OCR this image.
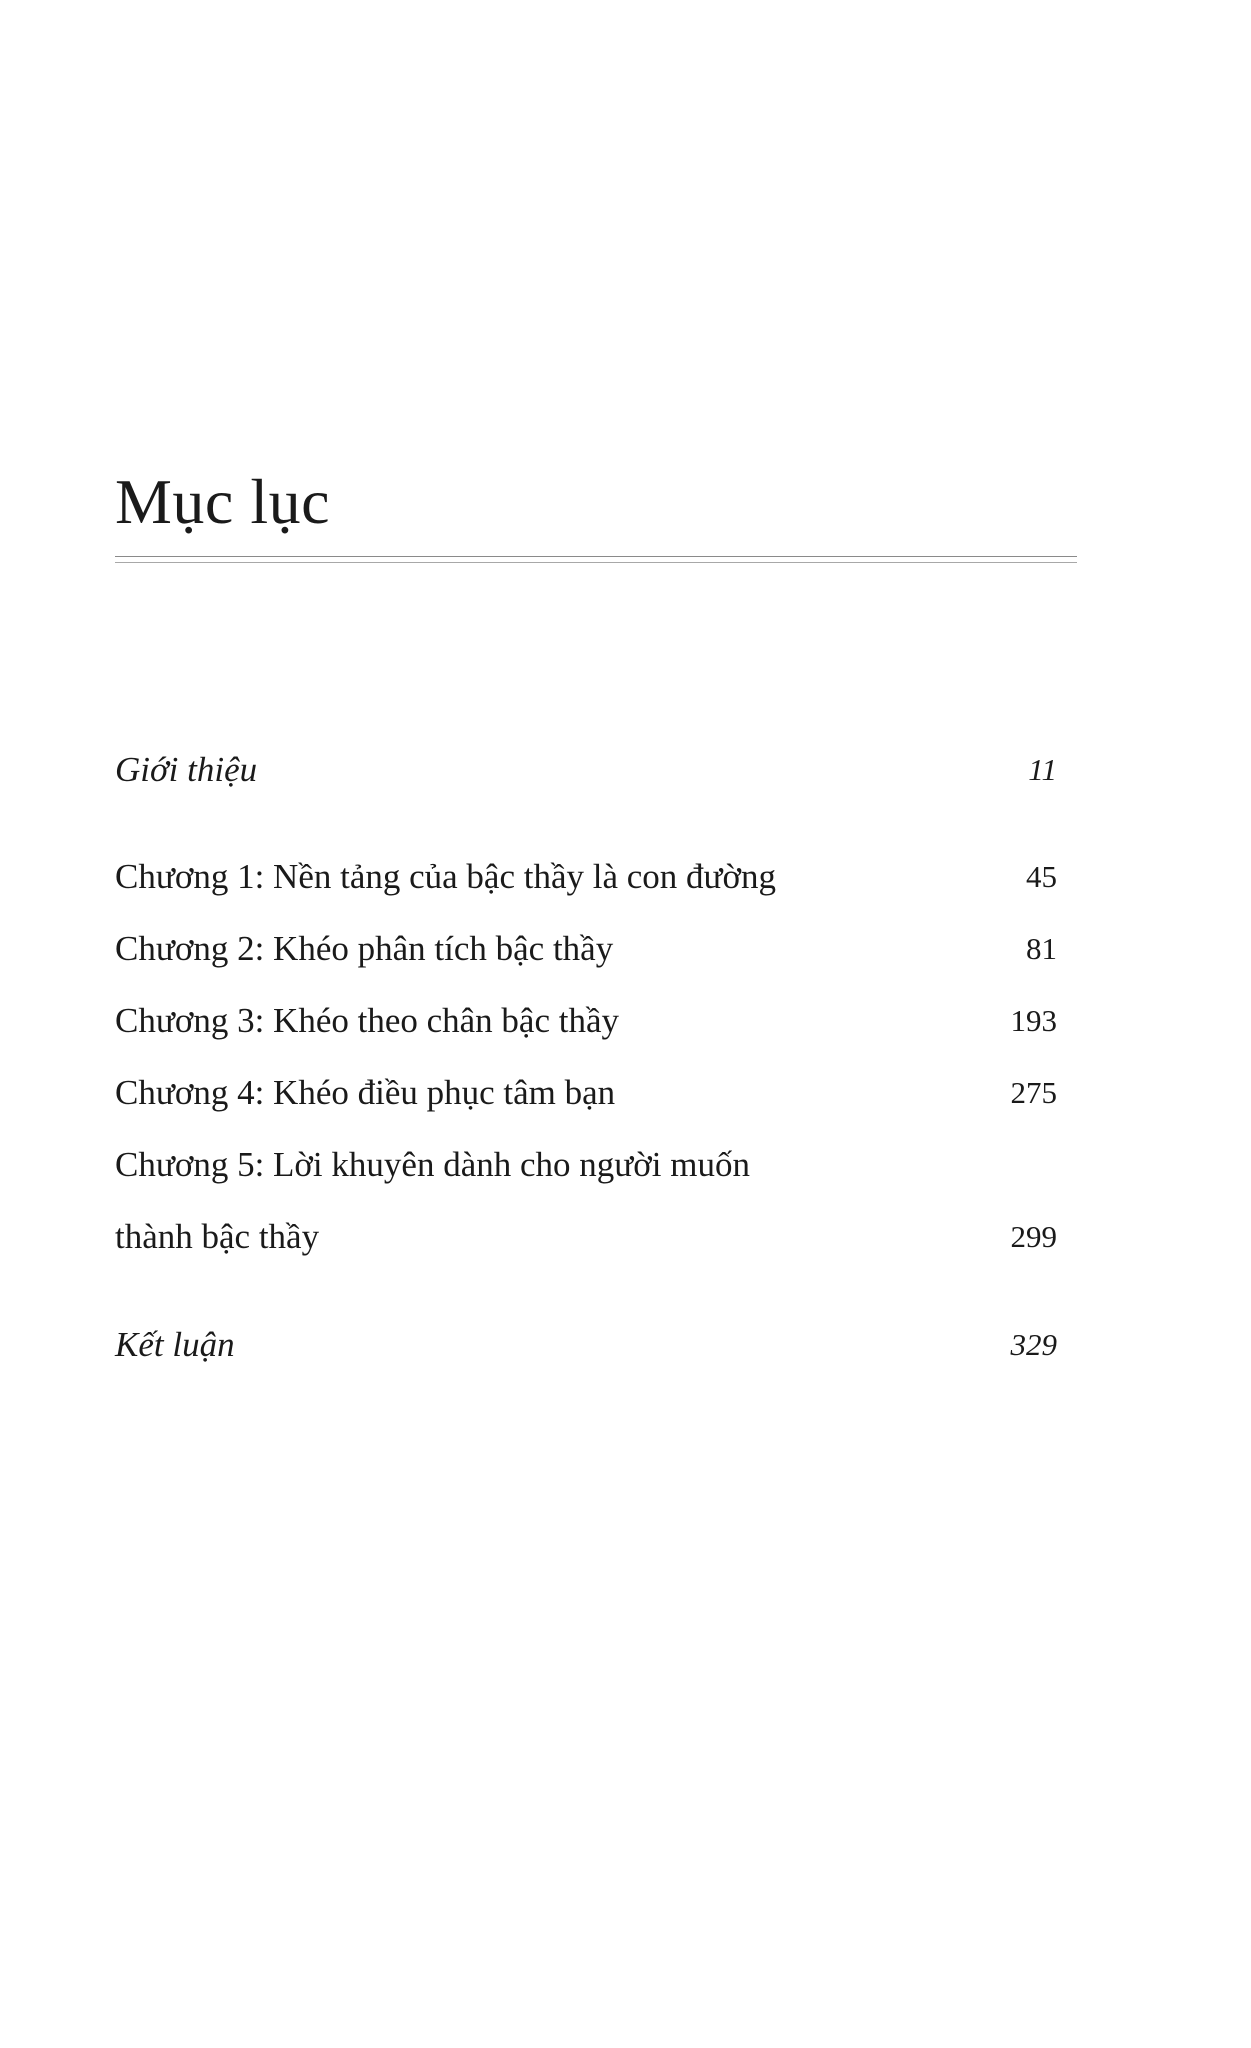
Mục lục
Giới thiệu	11
Chương 1: Nền tảng của bậc thầy là con đường	45
Chương 2: Khéo phân tích bậc thầy	81
Chương 3: Khéo theo chân bậc thầy	193
Chương 4: Khéo điều phục tâm bạn	275
Chương 5: Lời khuyên dành cho người muốn
thành bậc thầy	299
Kết luận	329
